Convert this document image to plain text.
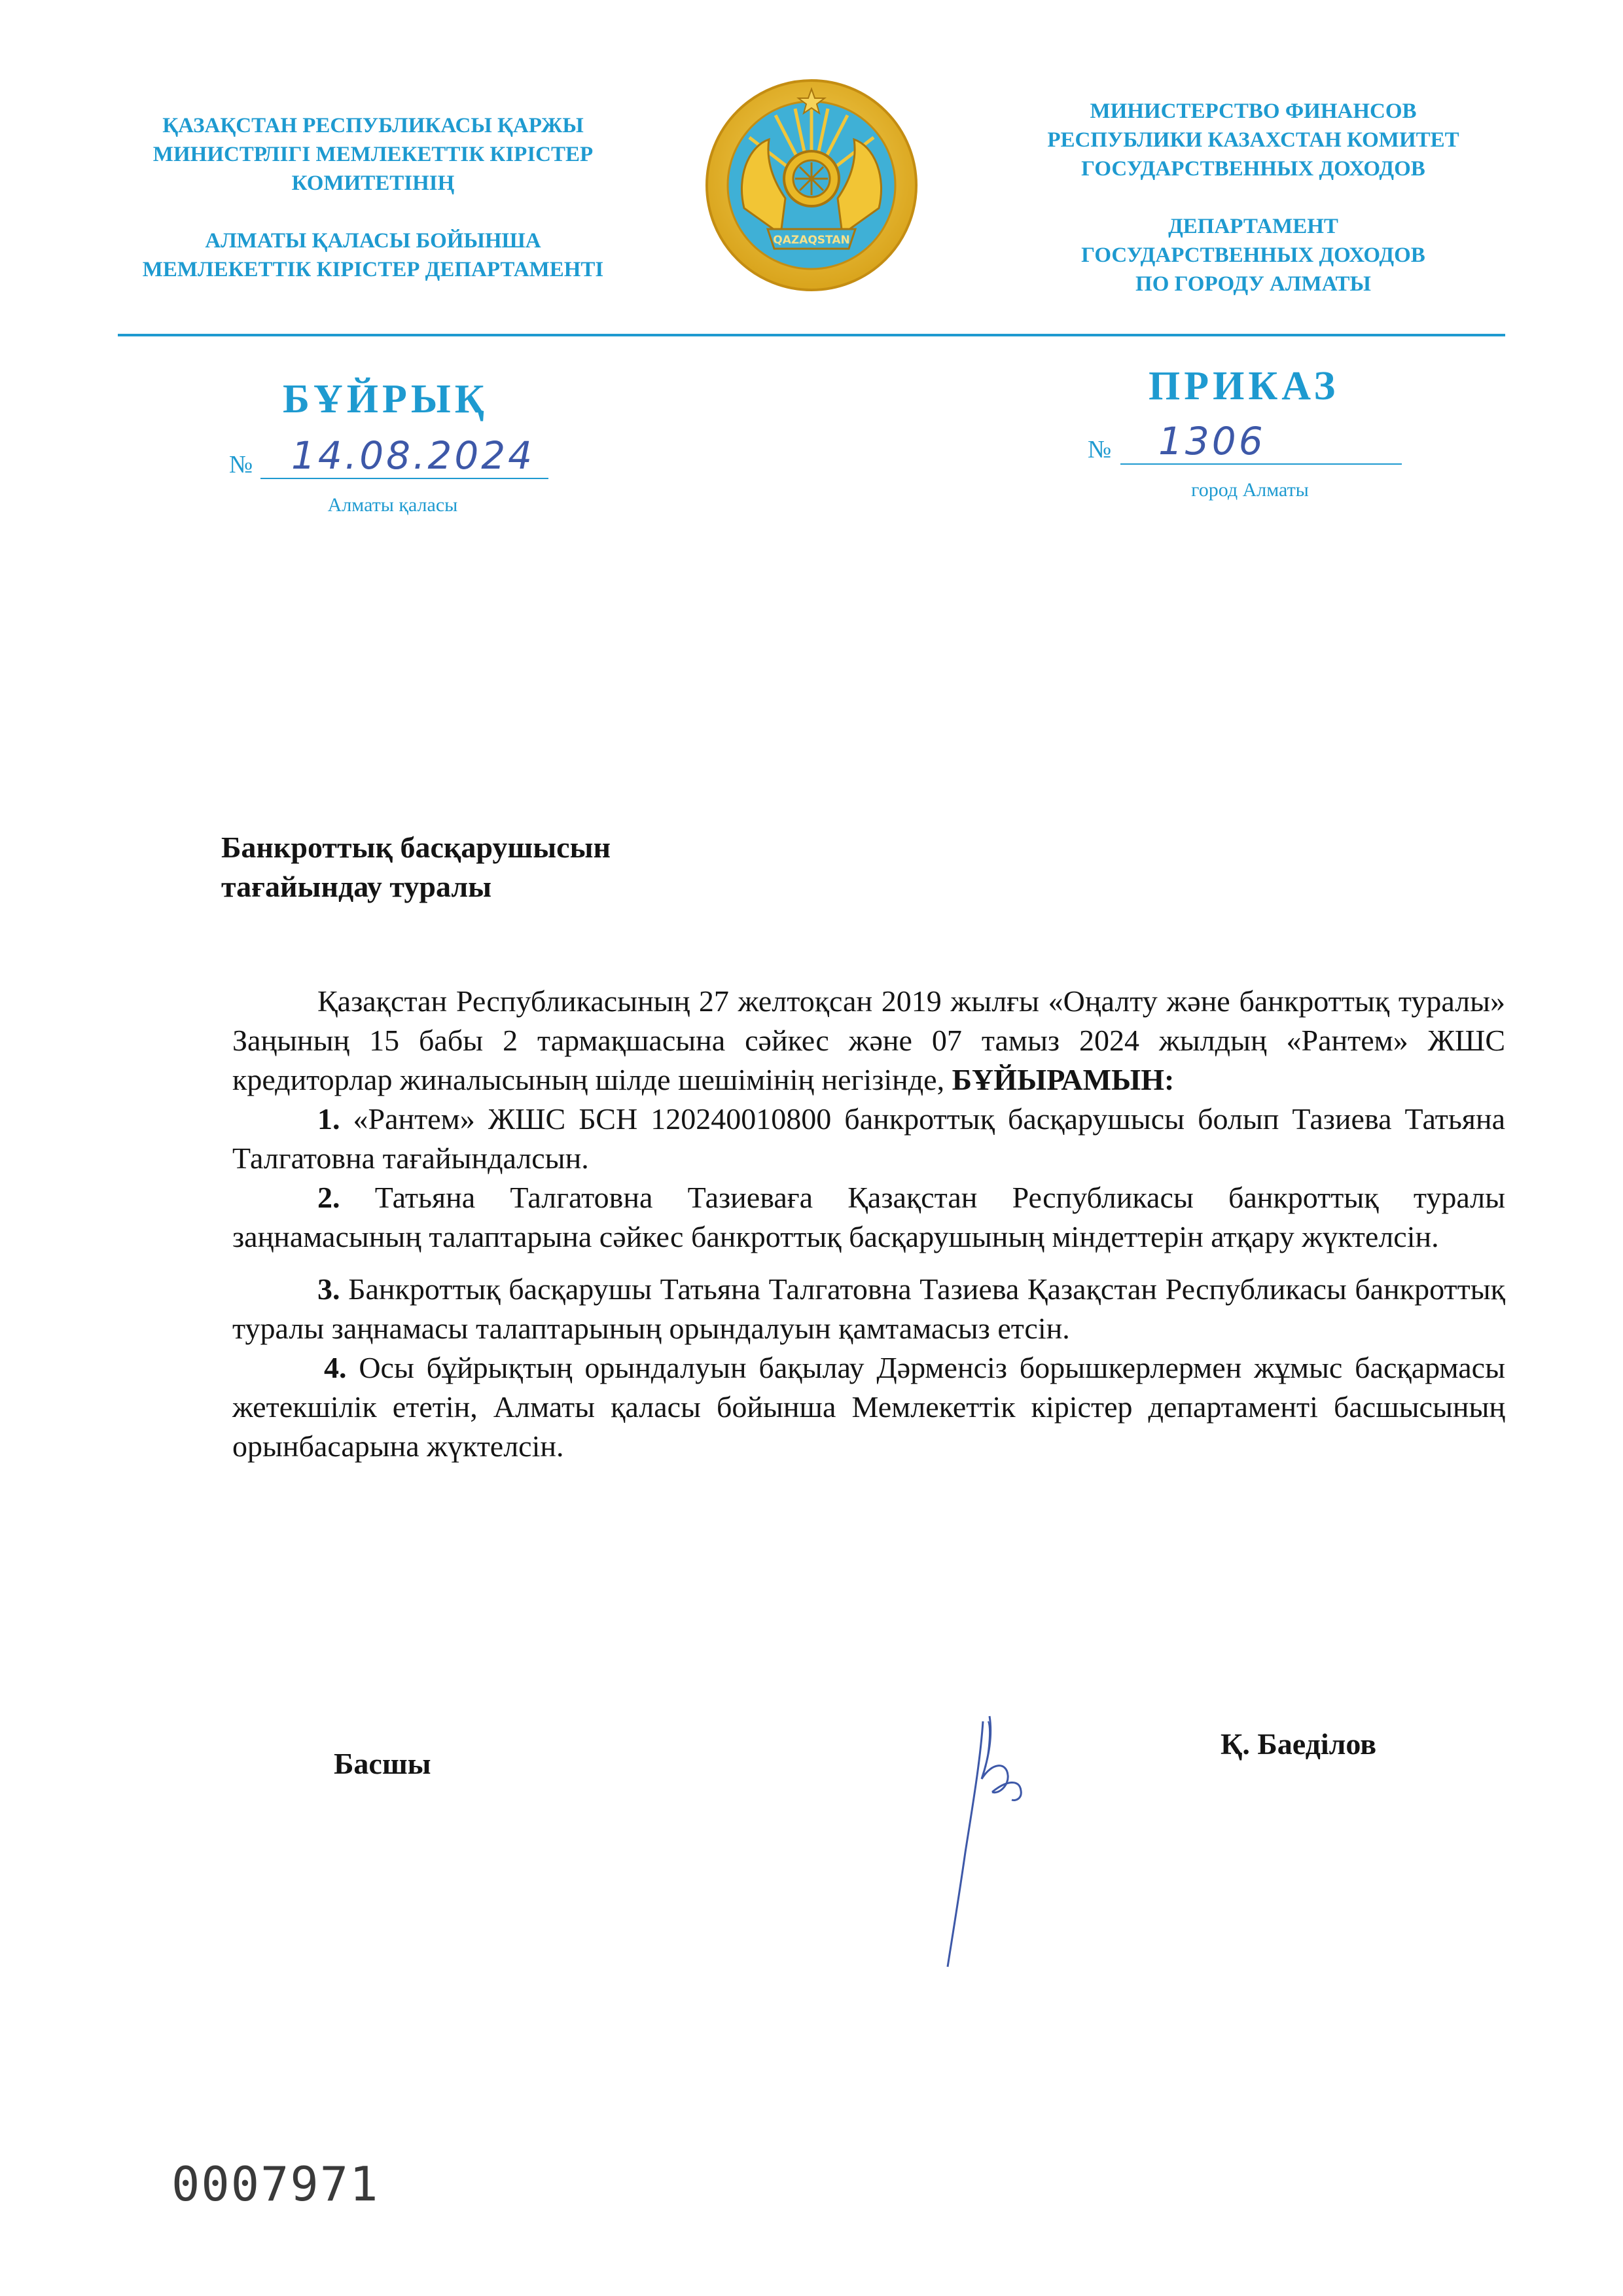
ҚАЗАҚСТАН РЕСПУБЛИКАСЫ ҚАРЖЫ

МИНИСТРЛІГІ МЕМЛЕКЕТТІК КІРІСТЕР

КОМИТЕТІНІҢ

АЛМАТЫ ҚАЛАСЫ БОЙЫНША

МЕМЛЕКЕТТІК КІРІСТЕР ДЕПАРТАМЕНТІ

QAZAQSTAN

МИНИСТЕРСТВО ФИНАНСОВ

РЕСПУБЛИКИ КАЗАХСТАН КОМИТЕТ

ГОСУДАРСТВЕННЫХ ДОХОДОВ

ДЕПАРТАМЕНТ

ГОСУДАРСТВЕННЫХ ДОХОДОВ

ПО ГОРОДУ АЛМАТЫ

БҰЙРЫҚ
№ 14.08.2024
Алматы қаласы
ПРИКАЗ
№ 1306
город Алматы
Банкроттық басқарушысын
тағайындау туралы

Қазақстан Республикасының 27 желтоқсан 2019 жылғы «Оңалту және банкроттық туралы» Заңының 15 бабы 2 тармақшасына сәйкес және 07 тамыз 2024 жылдың «Рантем» ЖШС кредиторлар жиналысының шілде шешімінің негізінде, БҰЙЫРАМЫН:

1. «Рантем» ЖШС БСН 120240010800 банкроттық басқарушысы болып Тазиева Татьяна Талгатовна тағайындалсын.

2. Татьяна Талгатовна Тазиеваға Қазақстан Республикасы банкроттық туралы заңнамасының талаптарына сәйкес банкроттық басқарушының міндеттерін атқару жүктелсін.

3. Банкроттық басқарушы Татьяна Талгатовна Тазиева Қазақстан Республикасы банкроттық туралы заңнамасы талаптарының орындалуын қамтамасыз етсін.

4. Осы бұйрықтың орындалуын бақылау Дәрменсіз борышкерлермен жұмыс басқармасы жетекшілік ететін, Алматы қаласы бойынша Мемлекеттік кірістер департаменті басшысының орынбасарына жүктелсін.

Басшы
Қ. Баеділов
0007971
